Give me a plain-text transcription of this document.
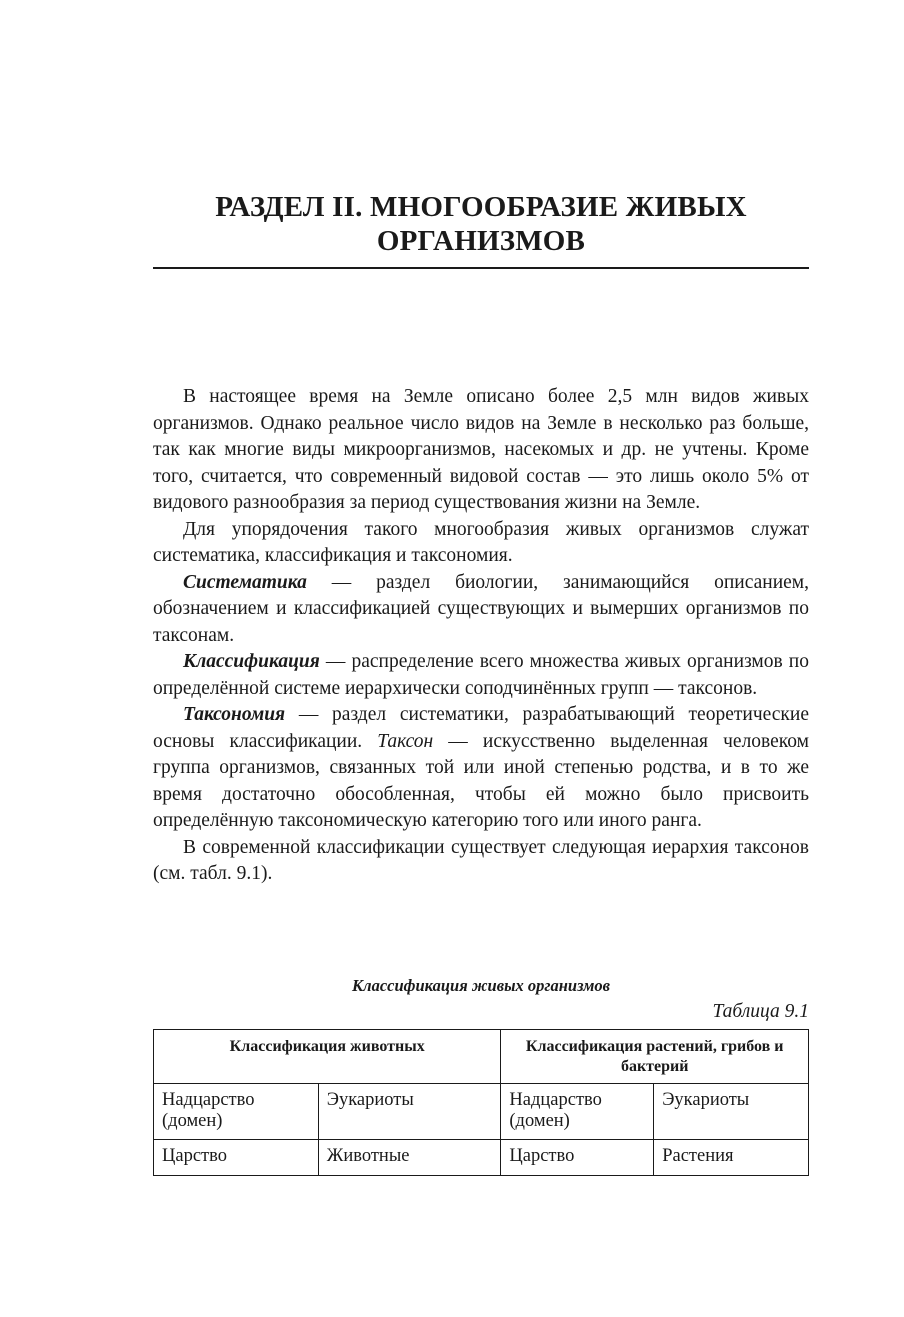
РАЗДЕЛ II. МНОГООБРАЗИЕ ЖИВЫХ
ОРГАНИЗМОВ

В настоящее время на Земле описано более 2,5 млн видов живых организмов. Однако реальное число видов на Земле в несколько раз больше, так как многие виды микроорганизмов, насекомых и др. не учтены. Кроме того, считается, что современный видовой состав — это лишь около 5% от видового разнообразия за период существования жизни на Земле.

Для упорядочения такого многообразия живых организмов служат систематика, классификация и таксономия.

Систематика — раздел биологии, занимающийся описанием, обозначением и классификацией существующих и вымерших организмов по таксонам.

Классификация — распределение всего множества живых организмов по определённой системе иерархически соподчинённых групп — таксонов.

Таксономия — раздел систематики, разрабатывающий теоретические основы классификации. Таксон — искусственно выделенная человеком группа организмов, связанных той или иной степенью родства, и в то же время достаточно обособленная, чтобы ей можно было присвоить определённую таксономическую категорию того или иного ранга.

В современной классификации существует следующая иерархия таксонов (см. табл. 9.1).

Классификация живых организмов
Таблица 9.1
Классификация животных		Классификация растений, грибов и бактерий	
Надцарство (домен)	Эукариоты	Надцарство (домен)	Эукариоты
Царство	Животные	Царство	Растения
